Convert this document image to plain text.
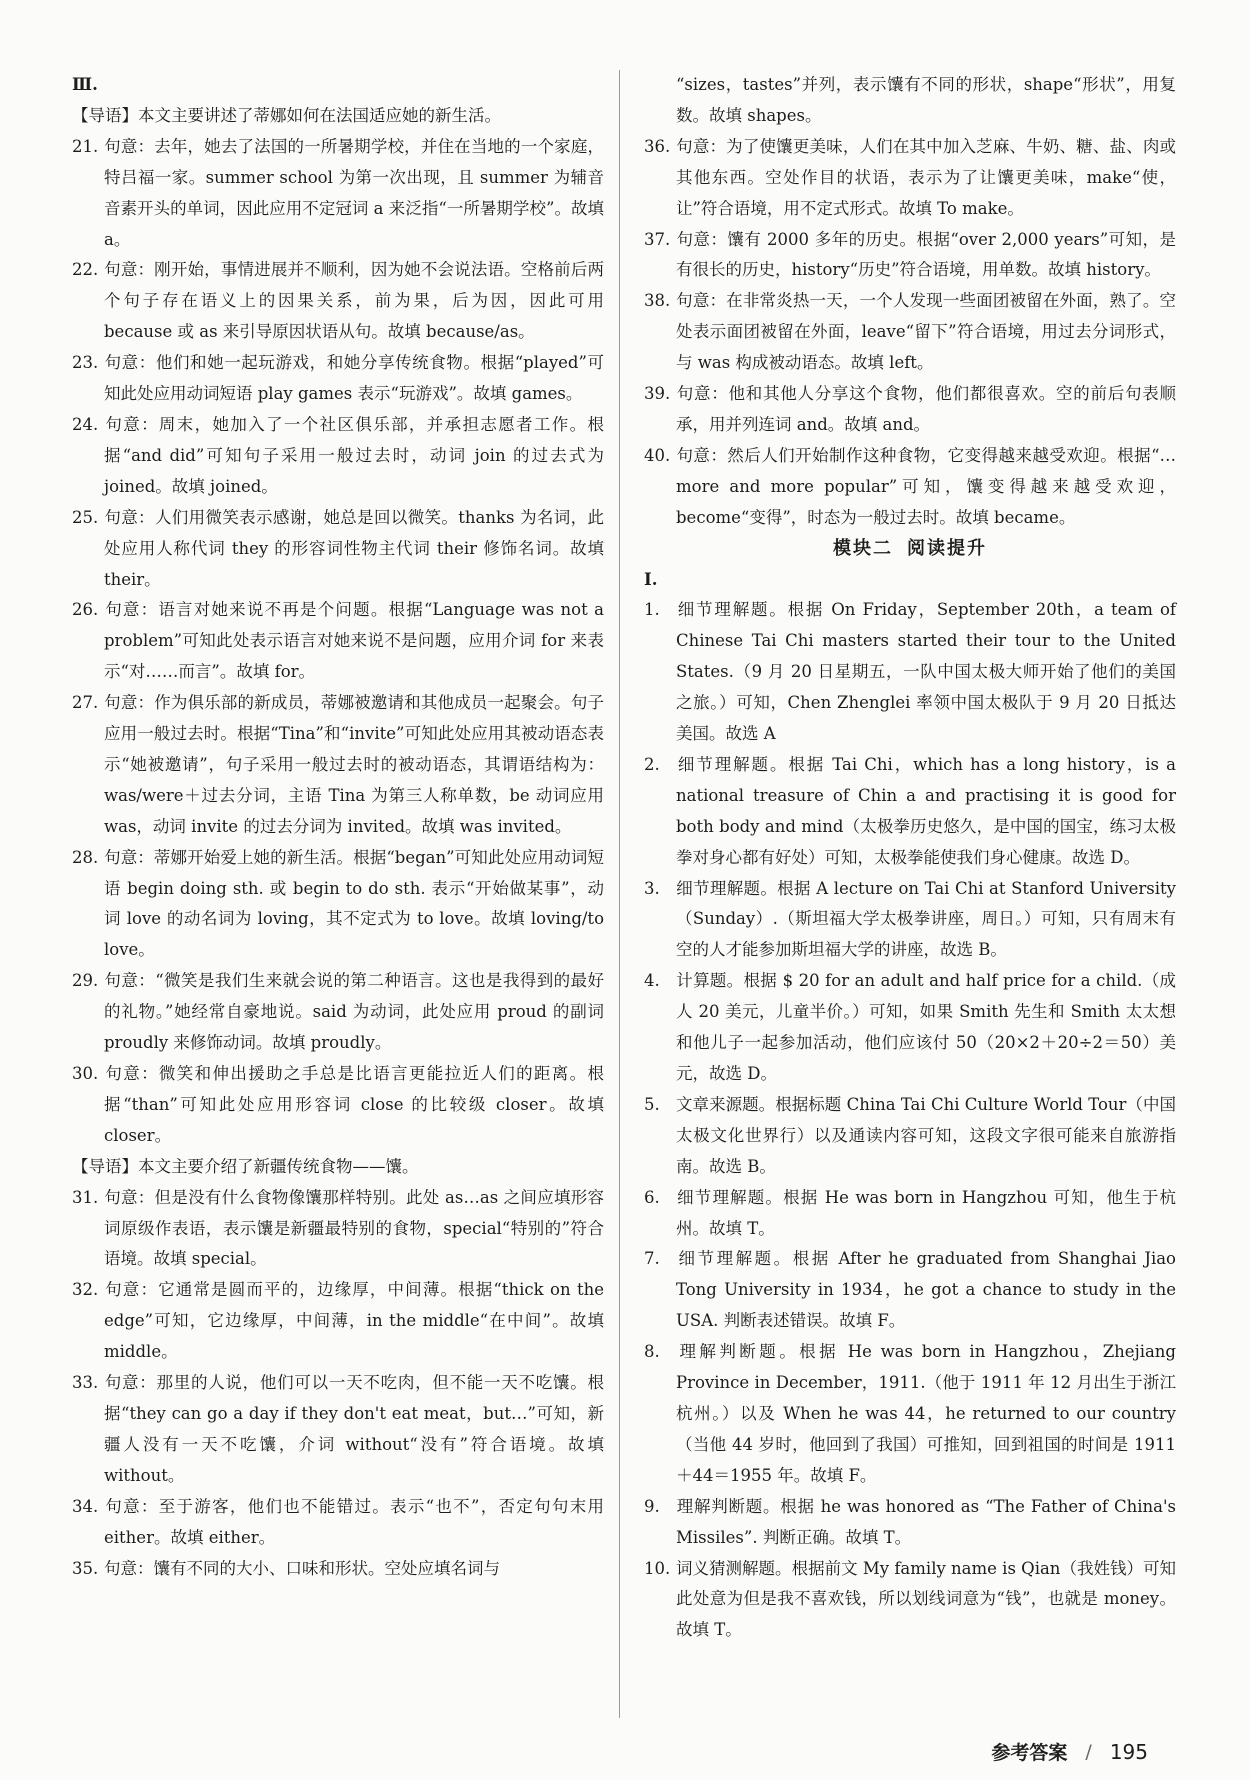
Ⅲ.
【导语】本文主要讲述了蒂娜如何在法国适应她的新生活。
21. 句意：去年，她去了法国的一所暑期学校，并住在当地的一个家庭，特吕福一家。summer school 为第一次出现，且 summer 为辅音音素开头的单词，因此应用不定冠词 a 来泛指“一所暑期学校”。故填 a。
22. 句意：刚开始，事情进展并不顺利，因为她不会说法语。空格前后两个句子存在语义上的因果关系，前为果，后为因，因此可用 because 或 as 来引导原因状语从句。故填 because/as。
23. 句意：他们和她一起玩游戏，和她分享传统食物。根据“played”可知此处应用动词短语 play games 表示“玩游戏”。故填 games。
24. 句意：周末，她加入了一个社区俱乐部，并承担志愿者工作。根据“and did”可知句子采用一般过去时，动词 join 的过去式为 joined。故填 joined。
25. 句意：人们用微笑表示感谢，她总是回以微笑。thanks 为名词，此处应用人称代词 they 的形容词性物主代词 their 修饰名词。故填 their。
26. 句意：语言对她来说不再是个问题。根据“Language was not a problem”可知此处表示语言对她来说不是问题，应用介词 for 来表示“对……而言”。故填 for。
27. 句意：作为俱乐部的新成员，蒂娜被邀请和其他成员一起聚会。句子应用一般过去时。根据“Tina”和“invite”可知此处应用其被动语态表示“她被邀请”，句子采用一般过去时的被动语态，其谓语结构为：was/were＋过去分词，主语 Tina 为第三人称单数，be 动词应用 was，动词 invite 的过去分词为 invited。故填 was invited。
28. 句意：蒂娜开始爱上她的新生活。根据“began”可知此处应用动词短语 begin doing sth. 或 begin to do sth. 表示“开始做某事”，动词 love 的动名词为 loving，其不定式为 to love。故填 loving/to love。
29. 句意：“微笑是我们生来就会说的第二种语言。这也是我得到的最好的礼物。”她经常自豪地说。said 为动词，此处应用 proud 的副词 proudly 来修饰动词。故填 proudly。
30. 句意：微笑和伸出援助之手总是比语言更能拉近人们的距离。根据“than”可知此处应用形容词 close 的比较级 closer。故填 closer。
【导语】本文主要介绍了新疆传统食物——馕。
31. 句意：但是没有什么食物像馕那样特别。此处 as…as 之间应填形容词原级作表语，表示馕是新疆最特别的食物，special“特别的”符合语境。故填 special。
32. 句意：它通常是圆而平的，边缘厚，中间薄。根据“thick on the edge”可知，它边缘厚，中间薄，in the middle“在中间”。故填 middle。
33. 句意：那里的人说，他们可以一天不吃肉，但不能一天不吃馕。根据“they can go a day if they don't eat meat，but…”可知，新疆人没有一天不吃馕，介词 without“没有”符合语境。故填 without。
34. 句意：至于游客，他们也不能错过。表示“也不”，否定句句末用 either。故填 either。
35. 句意：馕有不同的大小、口味和形状。空处应填名词与
“sizes，tastes”并列，表示馕有不同的形状，shape“形状”，用复数。故填 shapes。
36. 句意：为了使馕更美味，人们在其中加入芝麻、牛奶、糖、盐、肉或其他东西。空处作目的状语，表示为了让馕更美味，make“使，让”符合语境，用不定式形式。故填 To make。
37. 句意：馕有 2000 多年的历史。根据“over 2,000 years”可知，是有很长的历史，history“历史”符合语境，用单数。故填 history。
38. 句意：在非常炎热一天，一个人发现一些面团被留在外面，熟了。空处表示面团被留在外面，leave“留下”符合语境，用过去分词形式，与 was 构成被动语态。故填 left。
39. 句意：他和其他人分享这个食物，他们都很喜欢。空的前后句表顺承，用并列连词 and。故填 and。
40. 句意：然后人们开始制作这种食物，它变得越来越受欢迎。根据“… more and more popular”可知，馕变得越来越受欢迎，become“变得”，时态为一般过去时。故填 became。
模块二 阅读提升
Ⅰ.
1. 细节理解题。根据 On Friday，September 20th，a team of Chinese Tai Chi masters started their tour to the United States.（9 月 20 日星期五，一队中国太极大师开始了他们的美国之旅。）可知，Chen Zhenglei 率领中国太极队于 9 月 20 日抵达美国。故选 A
2. 细节理解题。根据 Tai Chi，which has a long history，is a national treasure of Chin a and practising it is good for both body and mind（太极拳历史悠久，是中国的国宝，练习太极拳对身心都有好处）可知，太极拳能使我们身心健康。故选 D。
3. 细节理解题。根据 A lecture on Tai Chi at Stanford University（Sunday）.（斯坦福大学太极拳讲座，周日。）可知，只有周末有空的人才能参加斯坦福大学的讲座，故选 B。
4. 计算题。根据 $ 20 for an adult and half price for a child.（成人 20 美元，儿童半价。）可知，如果 Smith 先生和 Smith 太太想和他儿子一起参加活动，他们应该付 50（20×2＋20÷2＝50）美元，故选 D。
5. 文章来源题。根据标题 China Tai Chi Culture World Tour（中国太极文化世界行）以及通读内容可知，这段文字很可能来自旅游指南。故选 B。
6. 细节理解题。根据 He was born in Hangzhou 可知，他生于杭州。故填 T。
7. 细节理解题。根据 After he graduated from Shanghai Jiao Tong University in 1934，he got a chance to study in the USA. 判断表述错误。故填 F。
8. 理解判断题。根据 He was born in Hangzhou，Zhejiang Province in December，1911.（他于 1911 年 12 月出生于浙江杭州。）以及 When he was 44，he returned to our country（当他 44 岁时，他回到了我国）可推知，回到祖国的时间是 1911＋44＝1955 年。故填 F。
9. 理解判断题。根据 he was honored as “The Father of China's Missiles”. 判断正确。故填 T。
10. 词义猜测解题。根据前文 My family name is Qian（我姓钱）可知此处意为但是我不喜欢钱，所以划线词意为“钱”，也就是 money。故填 T。
参考答案 / 195
